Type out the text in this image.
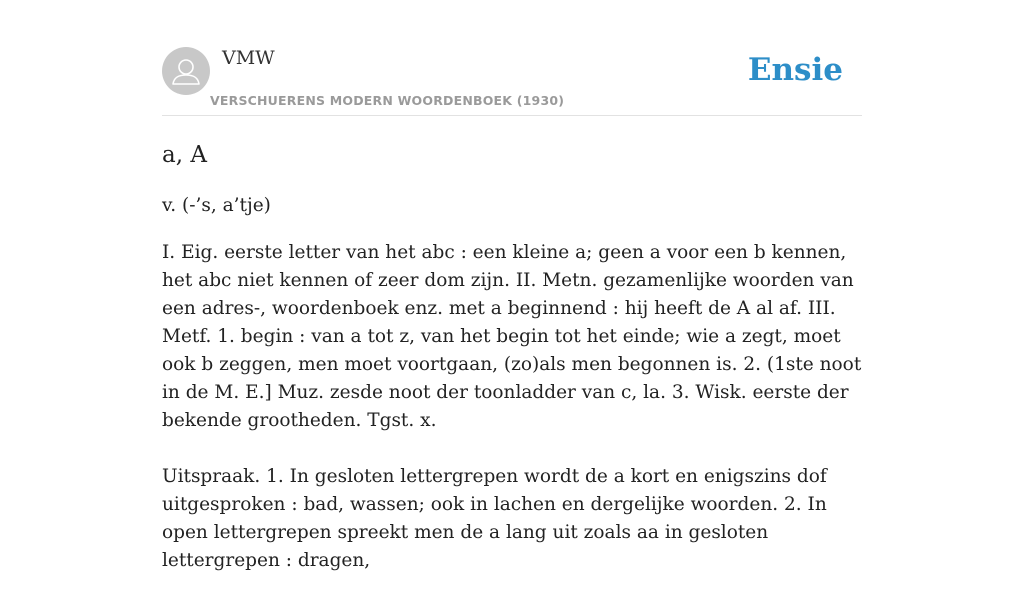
VMW
VERSCHUERENS MODERN WOORDENBOEK (1930)
Ensie
a, A
v. (-’s, a’tje)

I. Eig. eerste letter van het abc : een kleine a; geen a voor een b kennen, het abc niet kennen of zeer dom zijn. II. Metn. gezamenlijke woorden van een adres-, woordenboek enz. met a beginnend : hij heeft de A al af. III. Metf. 1. begin : van a tot z, van het begin tot het einde; wie a zegt, moet ook b zeggen, men moet voortgaan, (zo)als men begonnen is. 2. (1ste noot in de M. E.] Muz. zesde noot der toonladder van c, la. 3. Wisk. eerste der bekende grootheden. Tgst. x.

Uitspraak. 1. In gesloten lettergrepen wordt de a kort en enigszins dof uitgesproken : bad, wassen; ook in lachen en dergelijke woorden. 2. In open lettergrepen spreekt men de a lang uit zoals aa in gesloten lettergrepen : dragen,
